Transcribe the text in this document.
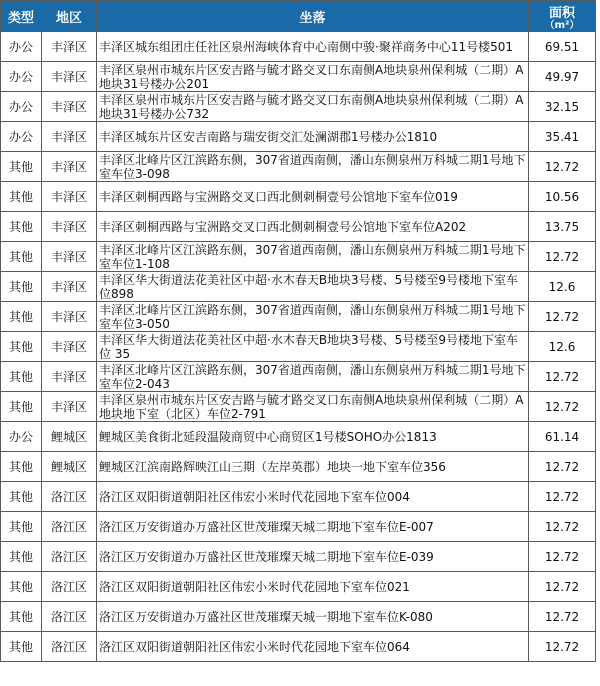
类型	地区	坐落	面积
（m²）

办公	丰泽区	丰泽区城东组团庄任社区泉州海峡体育中心南侧中骏·聚祥商务中心11号楼501	69.51
办公	丰泽区	丰泽区泉州市城东片区安吉路与毓才路交叉口东南侧A地块泉州保利城（二期）A地块31号楼办公201	49.97
办公	丰泽区	丰泽区泉州市城东片区安吉路与毓才路交叉口东南侧A地块泉州保利城（二期）A地块31号楼办公732	32.15
办公	丰泽区	丰泽区城东片区安吉南路与瑞安街交汇处澜湖郡1号楼办公1810	35.41
其他	丰泽区	丰泽区北峰片区江滨路东侧，307省道西南侧，潘山东侧泉州万科城二期1号地下室车位3-098	12.72
其他	丰泽区	丰泽区刺桐西路与宝洲路交叉口西北侧刺桐壹号公馆地下室车位019	10.56
其他	丰泽区	丰泽区刺桐西路与宝洲路交叉口西北侧刺桐壹号公馆地下室车位A202	13.75
其他	丰泽区	丰泽区北峰片区江滨路东侧，307省道西南侧，潘山东侧泉州万科城二期1号地下室车位1-108	12.72
其他	丰泽区	丰泽区华大街道法花美社区中超·水木春天B地块3号楼、5号楼至9号楼地下室车位898	12.6
其他	丰泽区	丰泽区北峰片区江滨路东侧，307省道西南侧，潘山东侧泉州万科城二期1号地下室车位3-050	12.72
其他	丰泽区	丰泽区华大街道法花美社区中超·水木春天B地块3号楼、5号楼至9号楼地下室车位 35	12.6
其他	丰泽区	丰泽区北峰片区江滨路东侧，307省道西南侧，潘山东侧泉州万科城二期1号地下室车位2-043	12.72
其他	丰泽区	丰泽区泉州市城东片区安吉路与毓才路交叉口东南侧A地块泉州保利城（二期）A地块地下室（北区）车位2-791	12.72
办公	鲤城区	鲤城区美食街北延段温陵商贸中心商贸区1号楼SOHO办公1813	61.14
其他	鲤城区	鲤城区江滨南路辉映江山三期（左岸英郡）地块一地下室车位356	12.72
其他	洛江区	洛江区双阳街道朝阳社区伟宏小米时代花园地下室车位004	12.72
其他	洛江区	洛江区万安街道办万盛社区世茂璀璨天城二期地下室车位E-007	12.72
其他	洛江区	洛江区万安街道办万盛社区世茂璀璨天城二期地下室车位E-039	12.72
其他	洛江区	洛江区双阳街道朝阳社区伟宏小米时代花园地下室车位021	12.72
其他	洛江区	洛江区万安街道办万盛社区世茂璀璨天城一期地下室车位K-080	12.72
其他	洛江区	洛江区双阳街道朝阳社区伟宏小米时代花园地下室车位064	12.72
